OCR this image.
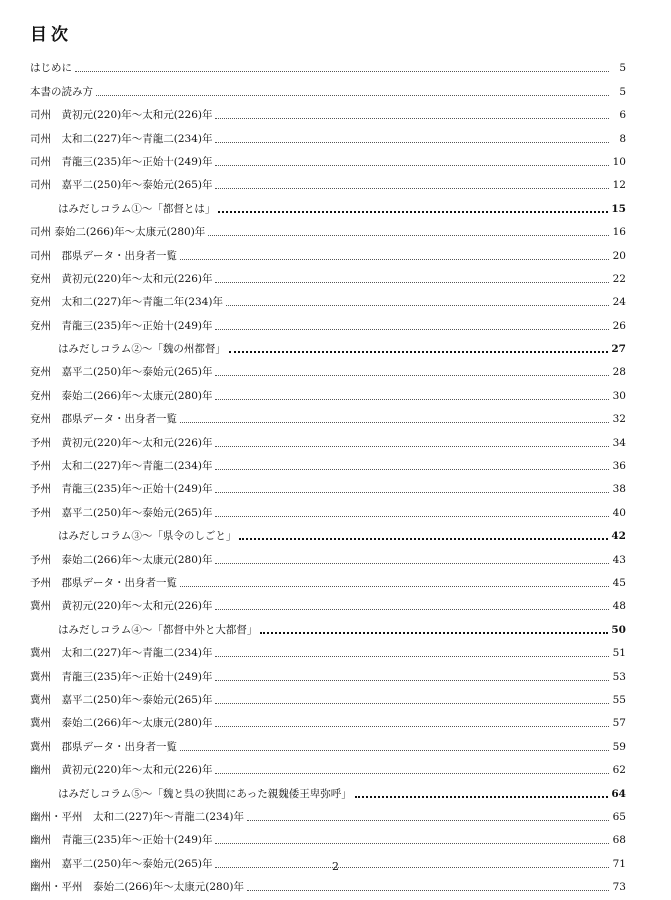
目次
はじめに	5
本書の読み方	5
司州　黄初元(220)年～太和元(226)年	6
司州　太和二(227)年～青龍二(234)年	8
司州　青龍三(235)年～正始十(249)年	10
司州　嘉平二(250)年～泰始元(265)年	12
はみだしコラム①～「都督とは」	15
司州 泰始二(266)年～太康元(280)年	16
司州　郡県データ・出身者一覧	20
兗州　黄初元(220)年～太和元(226)年	22
兗州　太和二(227)年～青龍二年(234)年	24
兗州　青龍三(235)年～正始十(249)年	26
はみだしコラム②～「魏の州都督」	27
兗州　嘉平二(250)年～泰始元(265)年	28
兗州　泰始二(266)年～太康元(280)年	30
兗州　郡県データ・出身者一覧	32
予州　黄初元(220)年～太和元(226)年	34
予州　太和二(227)年～青龍二(234)年	36
予州　青龍三(235)年～正始十(249)年	38
予州　嘉平二(250)年～泰始元(265)年	40
はみだしコラム③～「県令のしごと」	42
予州　泰始二(266)年～太康元(280)年	43
予州　郡県データ・出身者一覧	45
冀州　黄初元(220)年～太和元(226)年	48
はみだしコラム④～「都督中外と大都督」	50
冀州　太和二(227)年～青龍二(234)年	51
冀州　青龍三(235)年～正始十(249)年	53
冀州　嘉平二(250)年～泰始元(265)年	55
冀州　泰始二(266)年～太康元(280)年	57
冀州　郡県データ・出身者一覧	59
幽州　黄初元(220)年～太和元(226)年	62
はみだしコラム⑤～「魏と呉の狭間にあった親魏倭王卑弥呼」	64
幽州・平州　太和二(227)年～青龍二(234)年	65
幽州　青龍三(235)年～正始十(249)年	68
幽州　嘉平二(250)年～泰始元(265)年	71
幽州・平州　泰始二(266)年～太康元(280)年	73
2
